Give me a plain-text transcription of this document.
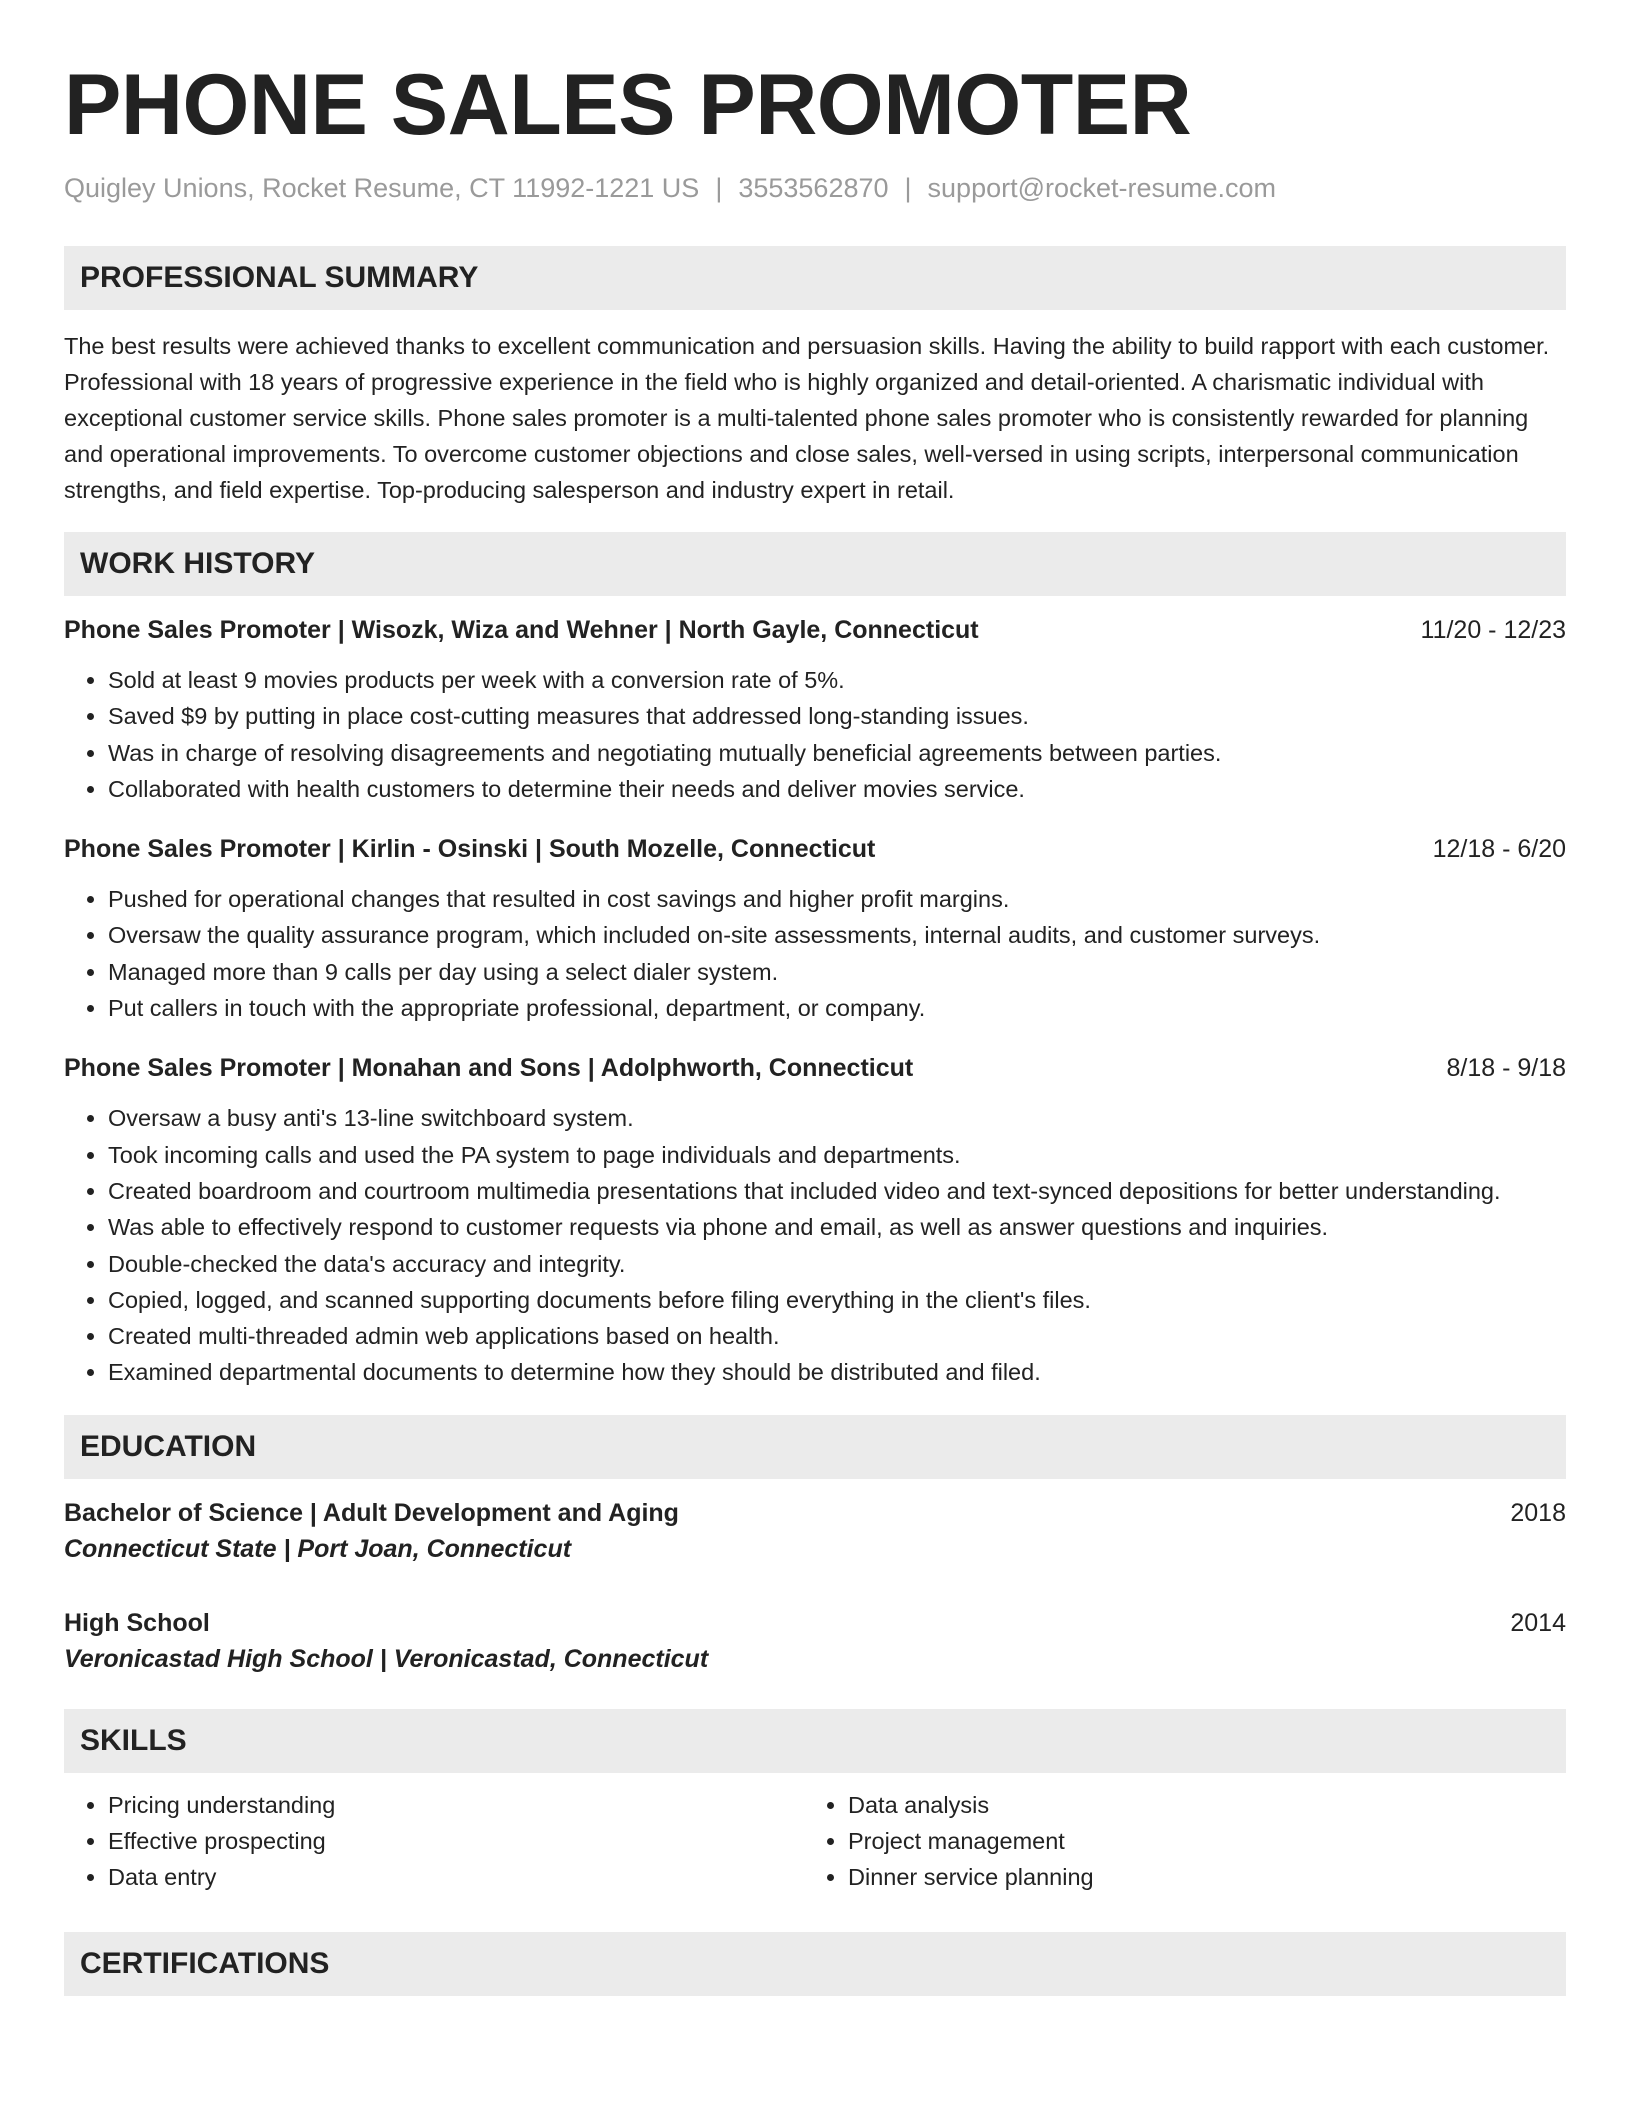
PHONE SALES PROMOTER
Quigley Unions, Rocket Resume, CT 11992-1221 US | 3553562870 | support@rocket-resume.com
PROFESSIONAL SUMMARY

The best results were achieved thanks to excellent communication and persuasion skills. Having the ability to build rapport with each customer. Professional with 18 years of progressive experience in the field who is highly organized and detail-oriented. A charismatic individual with exceptional customer service skills. Phone sales promoter is a multi-talented phone sales promoter who is consistently rewarded for planning and operational improvements. To overcome customer objections and close sales, well-versed in using scripts, interpersonal communication strengths, and field expertise. Top-producing salesperson and industry expert in retail.

WORK HISTORY
Phone Sales Promoter | Wisozk, Wiza and Wehner | North Gayle, Connecticut	11/20 - 12/23
• Sold at least 9 movies products per week with a conversion rate of 5%.
• Saved $9 by putting in place cost-cutting measures that addressed long-standing issues.
• Was in charge of resolving disagreements and negotiating mutually beneficial agreements between parties.
• Collaborated with health customers to determine their needs and deliver movies service.
Phone Sales Promoter | Kirlin - Osinski | South Mozelle, Connecticut	12/18 - 6/20
• Pushed for operational changes that resulted in cost savings and higher profit margins.
• Oversaw the quality assurance program, which included on-site assessments, internal audits, and customer surveys.
• Managed more than 9 calls per day using a select dialer system.
• Put callers in touch with the appropriate professional, department, or company.
Phone Sales Promoter | Monahan and Sons | Adolphworth, Connecticut	8/18 - 9/18
• Oversaw a busy anti's 13-line switchboard system.
• Took incoming calls and used the PA system to page individuals and departments.
• Created boardroom and courtroom multimedia presentations that included video and text-synced depositions for better understanding.
• Was able to effectively respond to customer requests via phone and email, as well as answer questions and inquiries.
• Double-checked the data's accuracy and integrity.
• Copied, logged, and scanned supporting documents before filing everything in the client's files.
• Created multi-threaded admin web applications based on health.
• Examined departmental documents to determine how they should be distributed and filed.
EDUCATION
Bachelor of Science | Adult Development and Aging	2018
Connecticut State | Port Joan, Connecticut
High School	2014
Veronicastad High School | Veronicastad, Connecticut
SKILLS
• Pricing understanding
• Effective prospecting
• Data entry
• Data analysis
• Project management
• Dinner service planning
CERTIFICATIONS
